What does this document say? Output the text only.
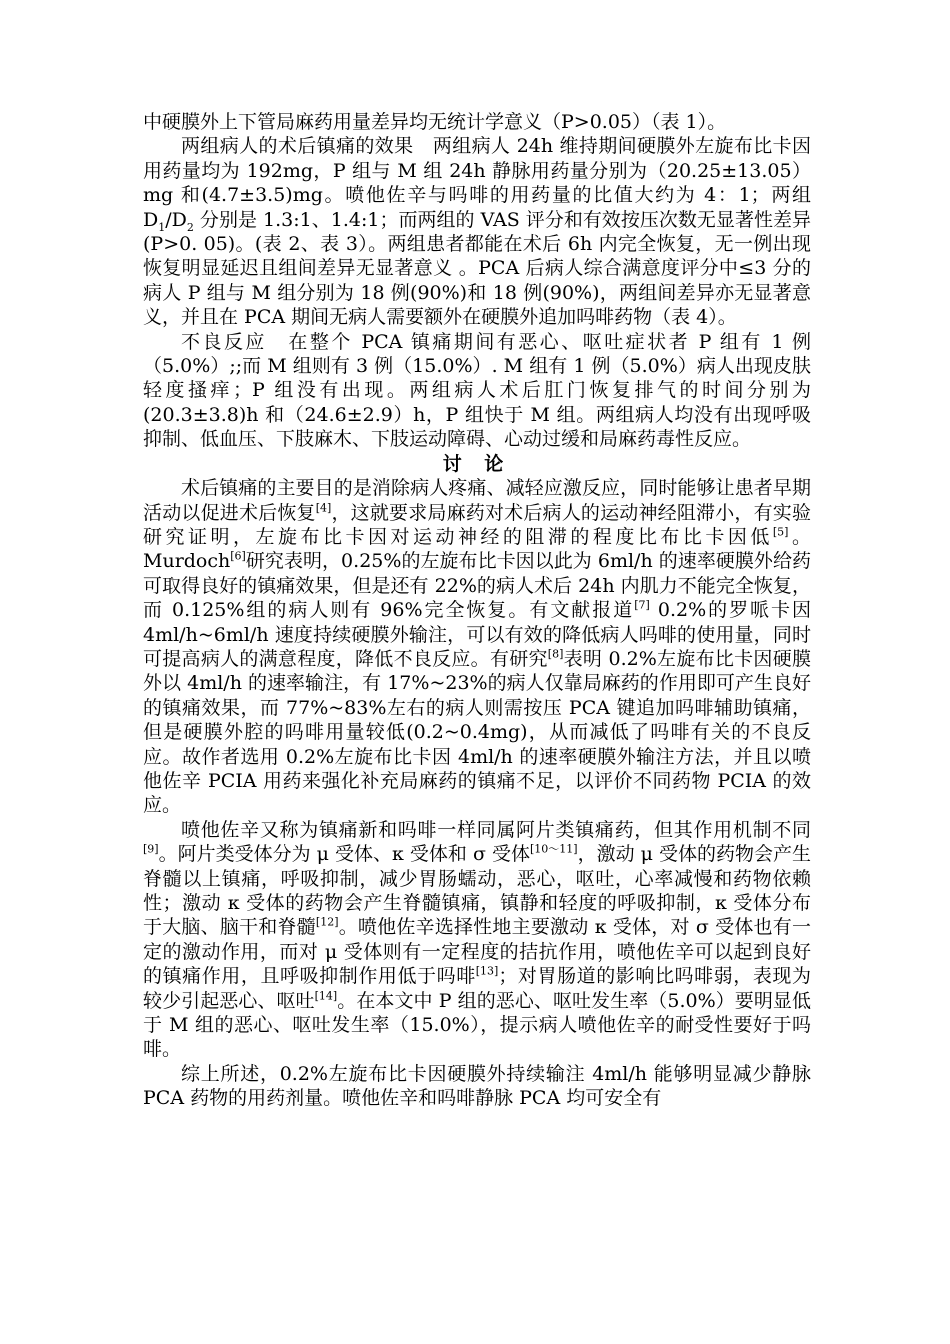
中硬膜外上下管局麻药用量差异均无统计学意义（P>0.05）（表 1）。

两组病人的术后镇痛的效果　两组病人 24h 维持期间硬膜外左旋布比卡因用药量均为 192mg，P 组与 M 组 24h 静脉用药量分别为（20.25±13.05）mg 和(4.7±3.5)mg。喷他佐辛与吗啡的用药量的比值大约为 4：1；两组 $D_1/D_2$ 分别是 1.3:1、1.4:1；而两组的 VAS 评分和有效按压次数无显著性差异(P>0. 05)。(表 2、表 3）。两组患者都能在术后 6h 内完全恢复，无一例出现恢复明显延迟且组间差异无显著意义 。PCA 后病人综合满意度评分中≤3 分的病人 P 组与 M 组分别为 18 例(90%)和 18 例(90%)，两组间差异亦无显著意义，并且在 PCA 期间无病人需要额外在硬膜外追加吗啡药物（表 4）。

不良反应　在整个 PCA 镇痛期间有恶心、呕吐症状者 P 组有 1 例（5.0%）;;而 M 组则有 3 例（15.0%）. M 组有 1 例（5.0%）病人出现皮肤轻度搔痒；P 组没有出现。两组病人术后肛门恢复排气的时间分别为(20.3±3.8)h 和（24.6±2.9）h，P 组快于 M 组。两组病人均没有出现呼吸抑制、低血压、下肢麻木、下肢运动障碍、心动过缓和局麻药毒性反应。

讨 论

术后镇痛的主要目的是消除病人疼痛、减轻应激反应，同时能够让患者早期活动以促进术后恢复[4]，这就要求局麻药对术后病人的运动神经阻滞小，有实验研究证明，左旋布比卡因对运动神经的阻滞的程度比布比卡因低[5]。Murdoch[6]研究表明，0.25%的左旋布比卡因以此为 6ml/h 的速率硬膜外给药可取得良好的镇痛效果，但是还有 22%的病人术后 24h 内肌力不能完全恢复，而 0.125%组的病人则有 96%完全恢复。有文献报道[7] 0.2%的罗哌卡因 4ml/h~6ml/h 速度持续硬膜外输注，可以有效的降低病人吗啡的使用量，同时可提高病人的满意程度，降低不良反应。有研究[8]表明 0.2%左旋布比卡因硬膜外以 4ml/h 的速率输注，有 17%~23%的病人仅靠局麻药的作用即可产生良好的镇痛效果，而 77%~83%左右的病人则需按压 PCA 键追加吗啡辅助镇痛，但是硬膜外腔的吗啡用量较低(0.2~0.4mg)，从而减低了吗啡有关的不良反应。故作者选用 0.2%左旋布比卡因 4ml/h 的速率硬膜外输注方法，并且以喷他佐辛 PCIA 用药来强化补充局麻药的镇痛不足，以评价不同药物 PCIA 的效应。

喷他佐辛又称为镇痛新和吗啡一样同属阿片类镇痛药，但其作用机制不同[9]。阿片类受体分为 μ 受体、κ 受体和 σ 受体[10～11]，激动 μ 受体的药物会产生脊髓以上镇痛，呼吸抑制，减少胃肠蠕动，恶心，呕吐，心率减慢和药物依赖性；激动 κ 受体的药物会产生脊髓镇痛，镇静和轻度的呼吸抑制，κ 受体分布于大脑、脑干和脊髓[12]。喷他佐辛选择性地主要激动 κ 受体，对 σ 受体也有一定的激动作用，而对 μ 受体则有一定程度的拮抗作用，喷他佐辛可以起到良好的镇痛作用，且呼吸抑制作用低于吗啡[13]；对胃肠道的影响比吗啡弱，表现为较少引起恶心、呕吐[14]。在本文中 P 组的恶心、呕吐发生率（5.0%）要明显低于 M 组的恶心、呕吐发生率（15.0%），提示病人喷他佐辛的耐受性要好于吗啡。

综上所述，0.2%左旋布比卡因硬膜外持续输注 4ml/h 能够明显减少静脉 PCA 药物的用药剂量。喷他佐辛和吗啡静脉 PCA 均可安全有
